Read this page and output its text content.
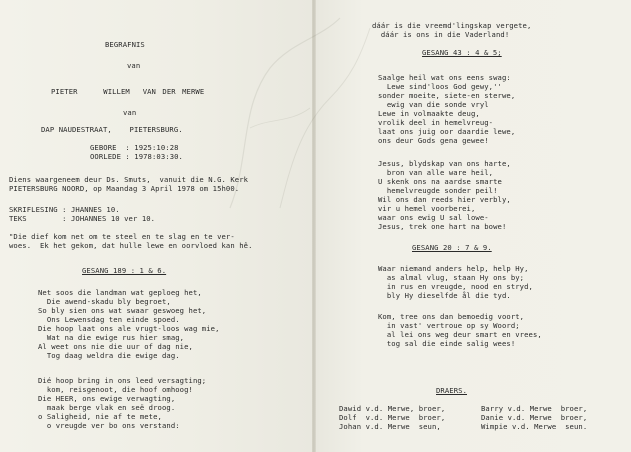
BEGRAFNIS
van
PIETER    WILLEM  VAN DER MERWE
van
DAP NAUDESTRAAT,    PIETERSBURG.
GEBORE  : 1925:10:28
OORLEDE : 1978:03:30.
Diens waargeneem deur Ds. Smuts,  vanuit die N.G. Kerk
PIETERSBURG NOORD, op Maandag 3 April 1978 om 15h00.
SKRIFLESING : JHANNES 10.
TEKS        : JOHANNES 10 ver 10.
"Die dief kom net om te steel en te slag en te ver-
woes.  Ek het gekom, dat hulle lewe en oorvloed kan hê.
GESANG 189 : 1 & 6.
Net soos die landman wat geploeg het,
Die awend-skadu bly begroet,
So bly sien ons wat swaar geswoeg het,
Ons Lewensdag ten einde spoed.
Die hoop laat ons ale vrugt-loos wag mie,
Wat na die ewige rus hier smag,
Al weet ons nie die uur of dag nie,
Tog daag weldra die ewige dag.
Dié hoop bring in ons leed versagting;
kom, reisgenoot, die hoof omhoog!
Die HEER, ons ewige verwagting,
maak berge vlak en seë droog.
o Saligheid, nie af te mete,
o vreugde ver bo ons verstand:
dáár is die vreemd'lingskap vergete,
dáár is ons in die Vaderland!
GESANG 43 : 4 & 5;
Saalge heil wat ons eens swag:
Lewe sind'loos God gewy,''
sonder moeite, siete-en sterwe,
ewig van die sonde vryl
Lewe in volmaakte deug,
vrolik deel in hemelvreug-
laat ons juig oor daardie lewe,
ons deur Gods gena gewee!
Jesus, blydskap van ons harte,
bron van alle ware heil,
U skenk ons na aardse smarte
hemelvreugde sonder peil!
Wil ons dan reeds hier verbly,
vir u hemel voorberei,
waar ons ewig U sal lowe-
Jesus, trek one hart na bowe!
GESANG 20 : 7 & 9.
Waar niemand anders help, help Hy,
as almal vlug, staan Hy ons by;
in rus en vreugde, nood en stryd,
bly Hy dieselfde ål die tyd.
Kom, tree ons dan bemoedig voort,
in vast' vertroue op sy Woord;
al lei ons weg deur smart en vrees,
tog sal die einde salig wees!
DRAERS.
Dawid v.d. Merwe, broer,	Barry v.d. Merwe  broer,
Dolf  v.d. Merwe  broer,	Danie v.d. Merwe  broer,
Johan v.d. Merwe  seun,	Wimpie v.d. Merwe  seun.
